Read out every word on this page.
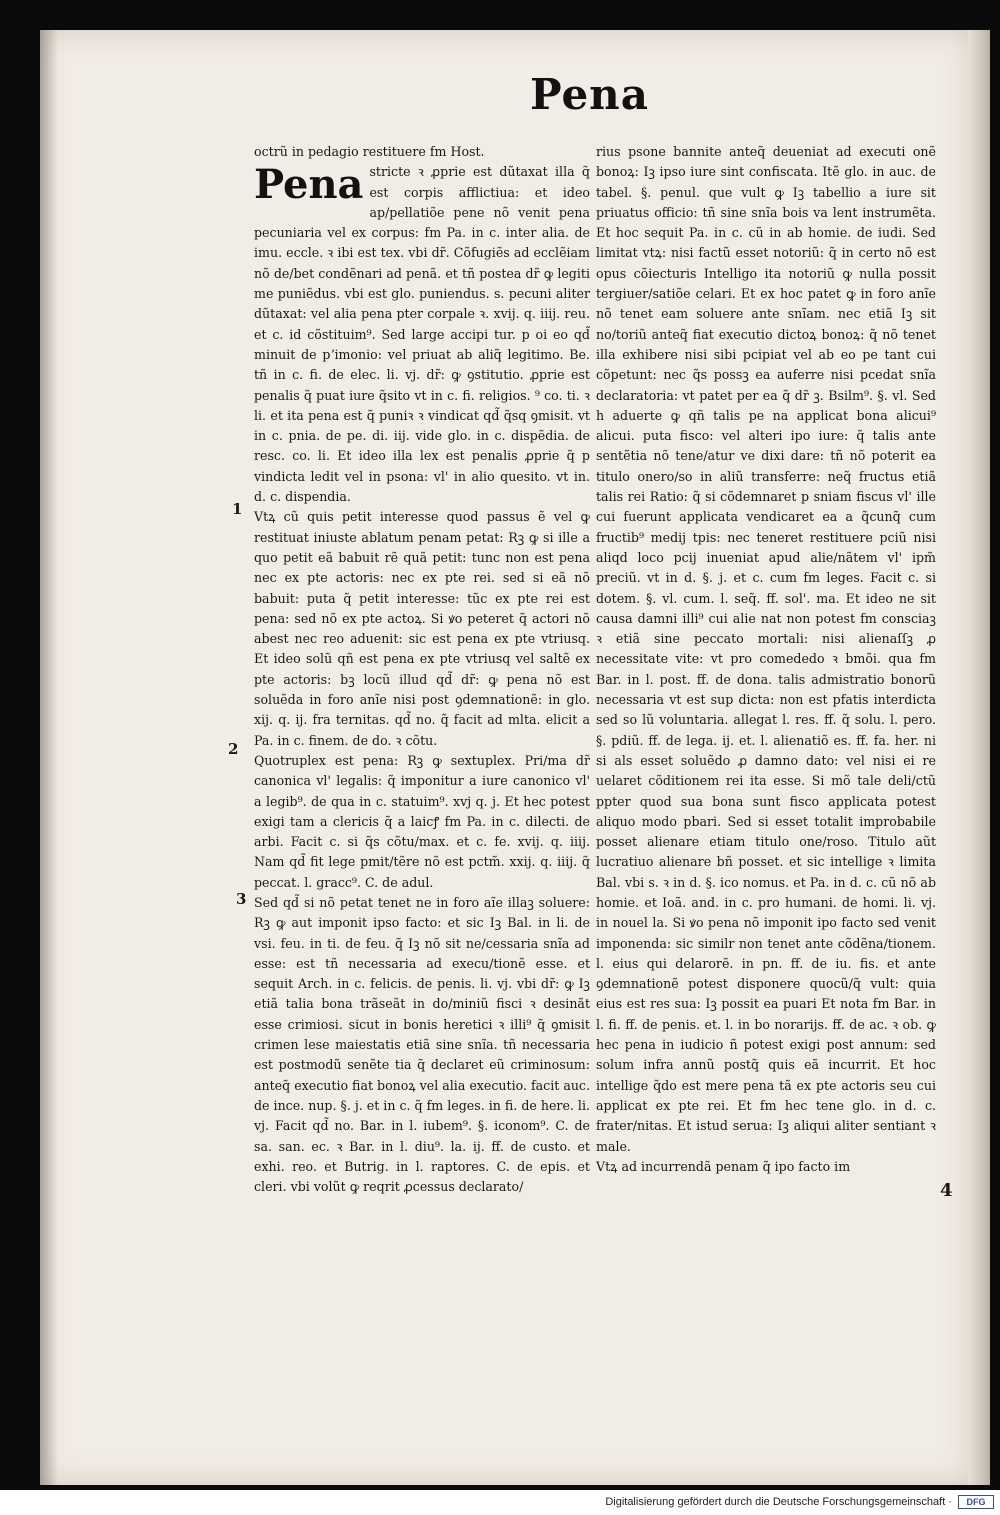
Pena
octrũ in pedagio restituere fm Host.
Pena stricte ꝛ ꝓprie est dũtaxat illa q̃ est corpis afflictiua: et ideo ap/pellatiõe pene nõ venit pena pecuniaria vel ex corpus: fm Pa. in c. inter alia. de imu. eccle. ꝛ ibi est tex. vbi dr̃. Cõfugiẽs ad ecclẽiam nõ de/bet condẽnari ad penã. et tñ postea dr̃ ꝙ legiti me puniẽdus. vbi est glo. puniendus. s. pecuni aliter dũtaxat: vel alia pena pter corpale ꝛ. xvij. q. iiij. reu. et c. id cõstituim⁹. Sed large accipi tur. p oi eo qd̃ minuit de pʼimonio: vel priuat ab aliq̃ legitimo. Be. tñ in c. fi. de elec. li. vj. dr̃: ꝙ ꝯstitutio. ꝓprie est penalis q̃ puat iure q̃sito vt in c. fi. religios. ⁹ co. ti. ꝛ li. et ita pena est q̃ puniꝛ ꝛ vindicat qd̃ q̃sq ꝯmisit. vt in c. pnia. de pe. di. iij. vide glo. in c. dispẽdia. de resc. co. li. Et ideo illa lex est penalis ꝓprie q̃ p vindicta ledit vel in psona: vl' in alio quesito. vt in. d. c. dispendia.

Vtꝝ cũ quis petit interesse quod passus ẽ vel ꝙ restituat iniuste ablatum penam petat: Rꝫ ꝙ si ille a quo petit eã babuit rẽ quã petit: tunc non est pena nec ex pte actoris: nec ex pte rei. sed si eã nõ babuit: puta q̃ petit interesse: tũc ex pte rei est pena: sed nõ ex pte actoꝝ. Si ꝟo peteret q̃ actori nõ abest nec reo aduenit: sic est pena ex pte vtriusq. Et ideo solũ qñ est pena ex pte vtriusq vel saltẽ ex pte actoris: bꝫ locũ illud qd̃ dr̃: ꝙ pena nõ est soluẽda in foro anĩe nisi post ꝯdemnationẽ: in glo. xij. q. ij. fra ternitas. qd̃ no. q̃ facit ad mlta. elicit a Pa. in c. finem. de do. ꝛ cõtu.

Quotruplex est pena: Rꝫ ꝙ sextuplex. Pri/ma dr̃ canonica vl' legalis: q̃ imponitur a iure canonico vl' a legib⁹. de qua in c. statuim⁹. xvj q. j. Et hec potest exigi tam a clericis q̃ a laicꝭ fm Pa. in c. dilecti. de arbi. Facit c. si q̃s cõtu/max. et c. fe. xvij. q. iiij. Nam qd̃ fit lege pmit/tẽre nõ est pctm̃. xxij. q. iiij. q̃ peccat. l. gracc⁹. C. de adul.

Sed qd̃ si nõ petat tenet ne in foro aĩe illaꝫ soluere: Rꝫ ꝙ aut imponit ipso facto: et sic Iꝫ Bal. in li. de vsi. feu. in ti. de feu. q̃ Iꝫ nõ sit ne/cessaria snĩa ad esse: est tñ necessaria ad execu/tionẽ esse. et sequit Arch. in c. felicis. de penis. li. vj. vbi dr̃: ꝙ Iꝫ etiã talia bona trãseãt in do/miniũ fisci ꝛ desinãt esse crimiosi. sicut in bonis heretici ꝛ illi⁹ q̃ ꝯmisit crimen lese maiestatis etiã sine snĩa. tñ necessaria est postmodũ senẽte tia q̃ declaret eũ criminosum: anteq̃ executio fiat bonoꝝ vel alia executio. facit auc. de ince. nup. §. j. et in c. q̃ fm leges. in fi. de here. li. vj. Facit qd̃ no. Bar. in l. iubem⁹. §. iconom⁹. C. de sa. san. ec. ꝛ Bar. in l. diu⁹. la. ij. ff. de custo. et exhi. reo. et Butrig. in l. raptores. C. de epis. et cleri. vbi volũt ꝙ reqrit ꝓcessus declarato/

1
2
3

rius psone bannite anteq̃ deueniat ad executi onẽ bonoꝝ: Iꝫ ipso iure sint confiscata. Itẽ glo. in auc. de tabel. §. penul. que vult ꝙ Iꝫ tabellio a iure sit priuatus officio: tñ sine snĩa bois va lent instrumẽta. Et hoc sequit Pa. in c. cũ in ab homie. de iudi. Sed limitat vtꝝ: nisi factũ esset notoriũ: q̃ in certo nõ est opus cõiecturis Intelligo ita notoriũ ꝙ nulla possit tergiuer/satiõe celari. Et ex hoc patet ꝙ in foro anĩe nõ tenet eam soluere ante snĩam. nec etiã Iꝫ sit no/toriũ anteq̃ fiat executio dictoꝝ bonoꝝ: q̃ nõ tenet illa exhibere nisi sibi pcipiat vel ab eo pe tant cui cõpetunt: nec q̃s possꝫ ea auferre nisi pcedat snĩa declaratoria: vt patet per ea q̃ dr̃ ꝫ. Bsilm⁹. §. vl. Sed h aduerte ꝙ qñ talis pe na applicat bona alicui⁹ alicui. puta fisco: vel alteri ipo iure: q̃ talis ante sentẽtia nõ tene/atur ve dixi dare: tñ nõ poterit ea titulo onero/so in aliũ transferre: neq̃ fructus etiã talis rei Ratio: q̃ si cõdemnaret p sniam fiscus vl' ille cui fuerunt applicata vendicaret ea a q̃cunq̃ cum fructib⁹ medij tpis: nec teneret restituere pciũ nisi aliqd loco pcij inueniat apud alie/nãtem vl' ipm̃ preciũ. vt in d. §. j. et c. cum fm leges. Facit c. si dotem. §. vl. cum. l. seq̃. ff. sol'. ma. Et ideo ne sit causa damni illi⁹ cui alie nat non potest fm consciaꝫ ꝛ etiã sine peccato mortali: nisi alienaſſꝫ ꝓ necessitate vite: vt pro comededo ꝛ bmõi. qua fm Bar. in l. post. ff. de dona. talis admistratio bonorũ necessaria vt est sup dicta: non est pfatis interdicta sed so lũ voluntaria. allegat l. res. ff. q̃ solu. l. pero. §. pdiũ. ff. de lega. ij. et. l. alienatiõ es. ff. fa. her. ni si als esset soluẽdo ꝓ damno dato: vel nisi ei re uelaret cõditionem rei ita esse. Si mõ tale deli/ctũ ppter quod sua bona sunt fisco applicata potest aliquo modo pbari. Sed si esset totalit improbabile posset alienare etiam titulo one/roso. Titulo aũt lucratiuo alienare bñ posset. et sic intellige ꝛ limita Bal. vbi s. ꝛ in d. §. ico nomus. et Pa. in d. c. cũ nõ ab homie. et Ioã. and. in c. pro humani. de homi. li. vj. in nouel la. Si ꝟo pena nõ imponit ipo facto sed venit imponenda: sic similr non tenet ante cõdẽna/tionem. l. eius qui delarorẽ. in pn. ff. de iu. fis. et ante ꝯdemnationẽ potest disponere quocũ/q̃ vult: quia eius est res sua: Iꝫ possit ea puari Et nota fm Bar. in l. fi. ff. de penis. et. l. in bo norarijs. ff. de ac. ꝛ ob. ꝙ hec pena in iudicio ñ potest exigi post annum: sed solum infra annũ postq̃ quis eã incurrit. Et hoc intellige q̃do est mere pena tã ex pte actoris seu cui applicat ex pte rei. Et fm hec tene glo. in d. c. frater/nitas. Et istud serua: Iꝫ aliqui aliter sentiant ꝛ male.

Vtꝝ ad incurrendã penam q̃ ipo facto im

4
Digitalisierung gefördert durch die Deutsche Forschungsgemeinschaft ·	DFG
